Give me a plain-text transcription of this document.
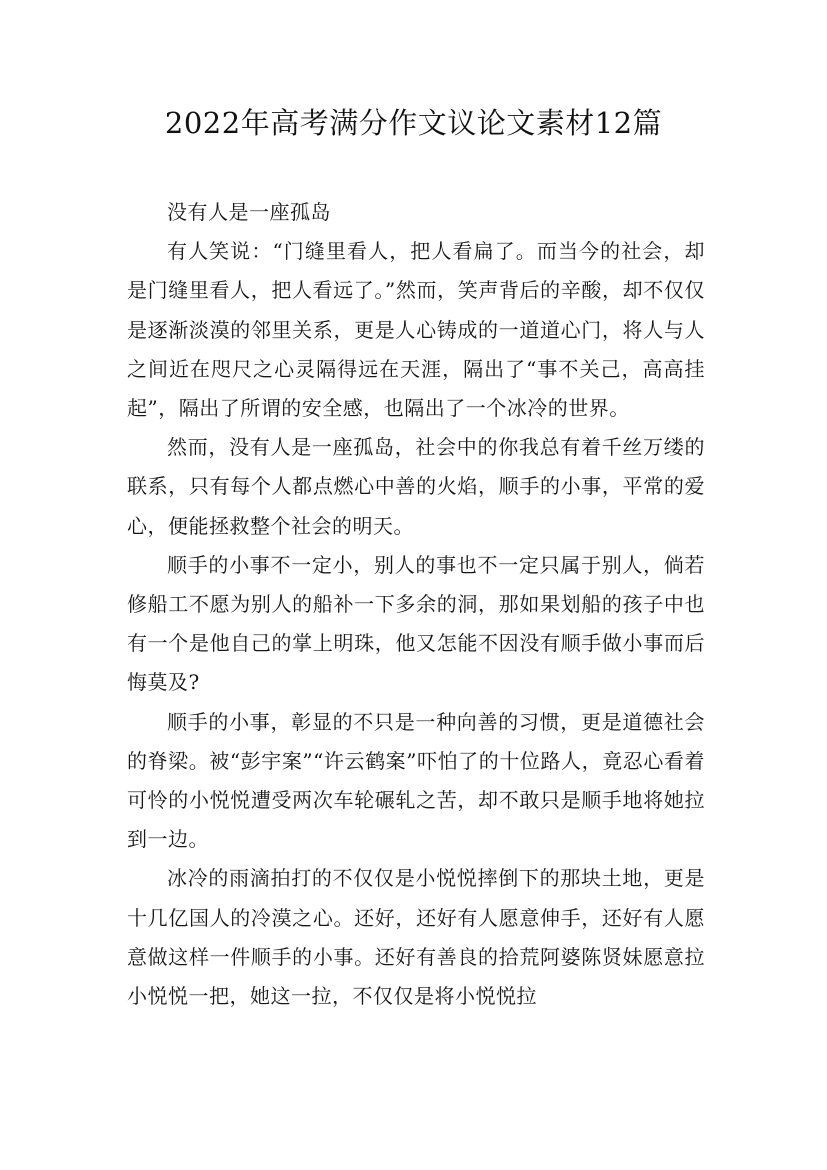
2022年高考满分作文议论文素材12篇

没有人是一座孤岛

有人笑说：“门缝里看人，把人看扁了。而当今的社会，却是门缝里看人，把人看远了。”然而，笑声背后的辛酸，却不仅仅是逐渐淡漠的邻里关系，更是人心铸成的一道道心门，将人与人之间近在咫尺之心灵隔得远在天涯，隔出了“事不关己，高高挂起”，隔出了所谓的安全感，也隔出了一个冰冷的世界。

然而，没有人是一座孤岛，社会中的你我总有着千丝万缕的联系，只有每个人都点燃心中善的火焰，顺手的小事，平常的爱心，便能拯救整个社会的明天。

顺手的小事不一定小，别人的事也不一定只属于别人，倘若修船工不愿为别人的船补一下多余的洞，那如果划船的孩子中也有一个是他自己的掌上明珠，他又怎能不因没有顺手做小事而后悔莫及?

顺手的小事，彰显的不只是一种向善的习惯，更是道德社会的脊梁。被“彭宇案”“许云鹤案”吓怕了的十位路人，竟忍心看着可怜的小悦悦遭受两次车轮碾轧之苦，却不敢只是顺手地将她拉到一边。

冰冷的雨滴拍打的不仅仅是小悦悦摔倒下的那块土地，更是十几亿国人的冷漠之心。还好，还好有人愿意伸手，还好有人愿意做这样一件顺手的小事。还好有善良的拾荒阿婆陈贤妹愿意拉小悦悦一把，她这一拉，不仅仅是将小悦悦拉
